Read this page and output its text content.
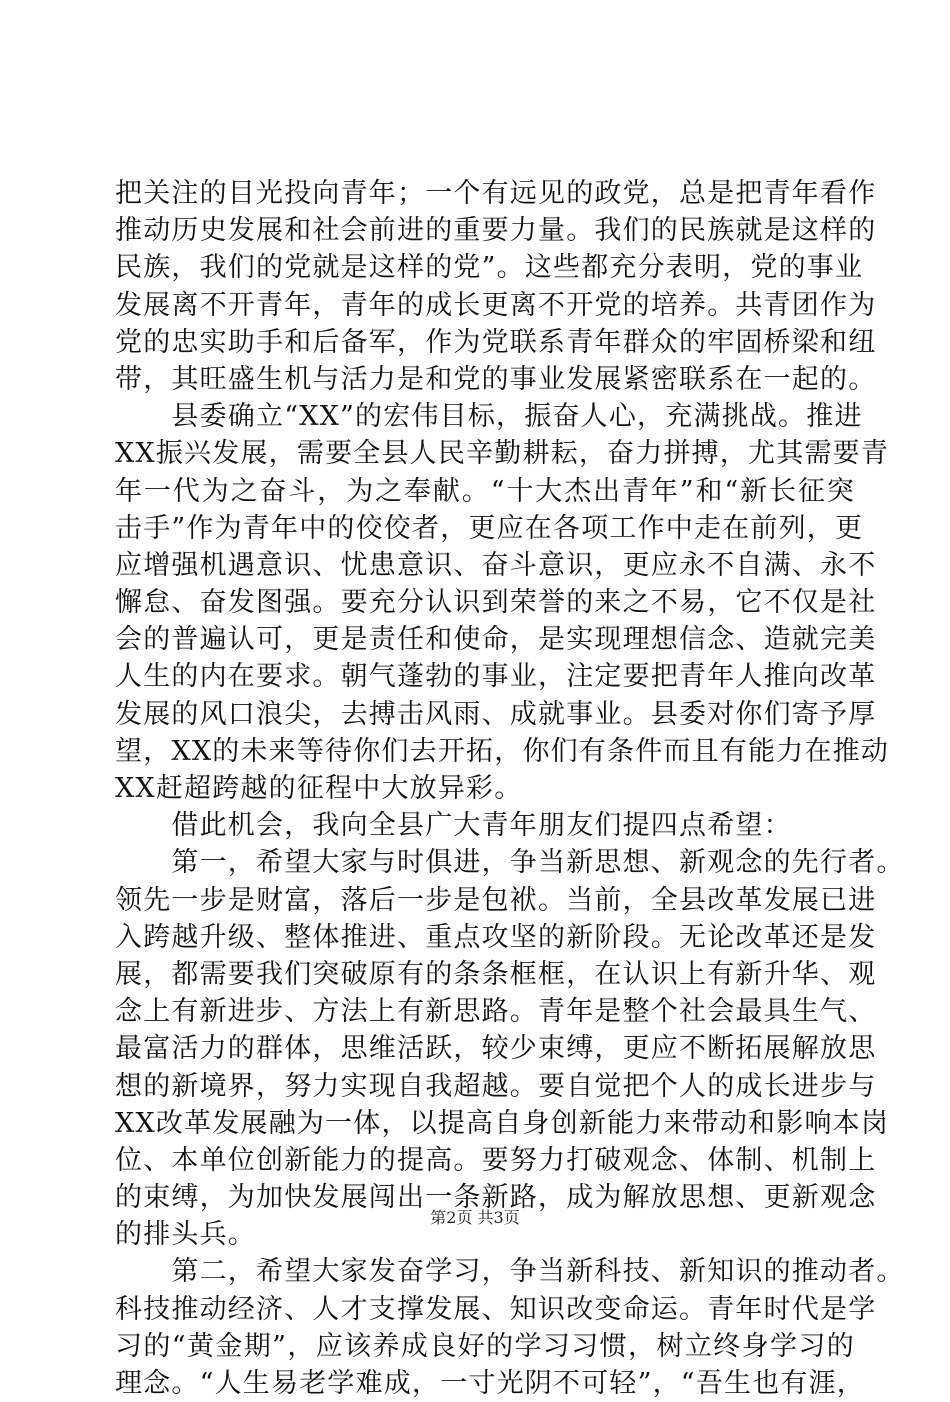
把关注的目光投向青年；一个有远见的政党，总是把青年看作
推动历史发展和社会前进的重要力量。我们的民族就是这样的
民族，我们的党就是这样的党”。这些都充分表明，党的事业
发展离不开青年，青年的成长更离不开党的培养。共青团作为
党的忠实助手和后备军，作为党联系青年群众的牢固桥梁和纽
带，其旺盛生机与活力是和党的事业发展紧密联系在一起的。
　　县委确立“XX”的宏伟目标，振奋人心，充满挑战。推进
XX振兴发展，需要全县人民辛勤耕耘，奋力拼搏，尤其需要青
年一代为之奋斗，为之奉献。“十大杰出青年”和“新长征突
击手”作为青年中的佼佼者，更应在各项工作中走在前列，更
应增强机遇意识、忧患意识、奋斗意识，更应永不自满、永不
懈怠、奋发图强。要充分认识到荣誉的来之不易，它不仅是社
会的普遍认可，更是责任和使命，是实现理想信念、造就完美
人生的内在要求。朝气蓬勃的事业，注定要把青年人推向改革
发展的风口浪尖，去搏击风雨、成就事业。县委对你们寄予厚
望，XX的未来等待你们去开拓，你们有条件而且有能力在推动
XX赶超跨越的征程中大放异彩。
　　借此机会，我向全县广大青年朋友们提四点希望：
　　第一，希望大家与时俱进，争当新思想、新观念的先行者。
领先一步是财富，落后一步是包袱。当前，全县改革发展已进
入跨越升级、整体推进、重点攻坚的新阶段。无论改革还是发
展，都需要我们突破原有的条条框框，在认识上有新升华、观
念上有新进步、方法上有新思路。青年是整个社会最具生气、
最富活力的群体，思维活跃，较少束缚，更应不断拓展解放思
想的新境界，努力实现自我超越。要自觉把个人的成长进步与
XX改革发展融为一体，以提高自身创新能力来带动和影响本岗
位、本单位创新能力的提高。要努力打破观念、体制、机制上
的束缚，为加快发展闯出一条新路，成为解放思想、更新观念
的排头兵。
　　第二，希望大家发奋学习，争当新科技、新知识的推动者。
科技推动经济、人才支撑发展、知识改变命运。青年时代是学
习的“黄金期”，应该养成良好的学习习惯，树立终身学习的
理念。“人生易老学难成，一寸光阴不可轻”，“吾生也有涯，
第2页 共3页
